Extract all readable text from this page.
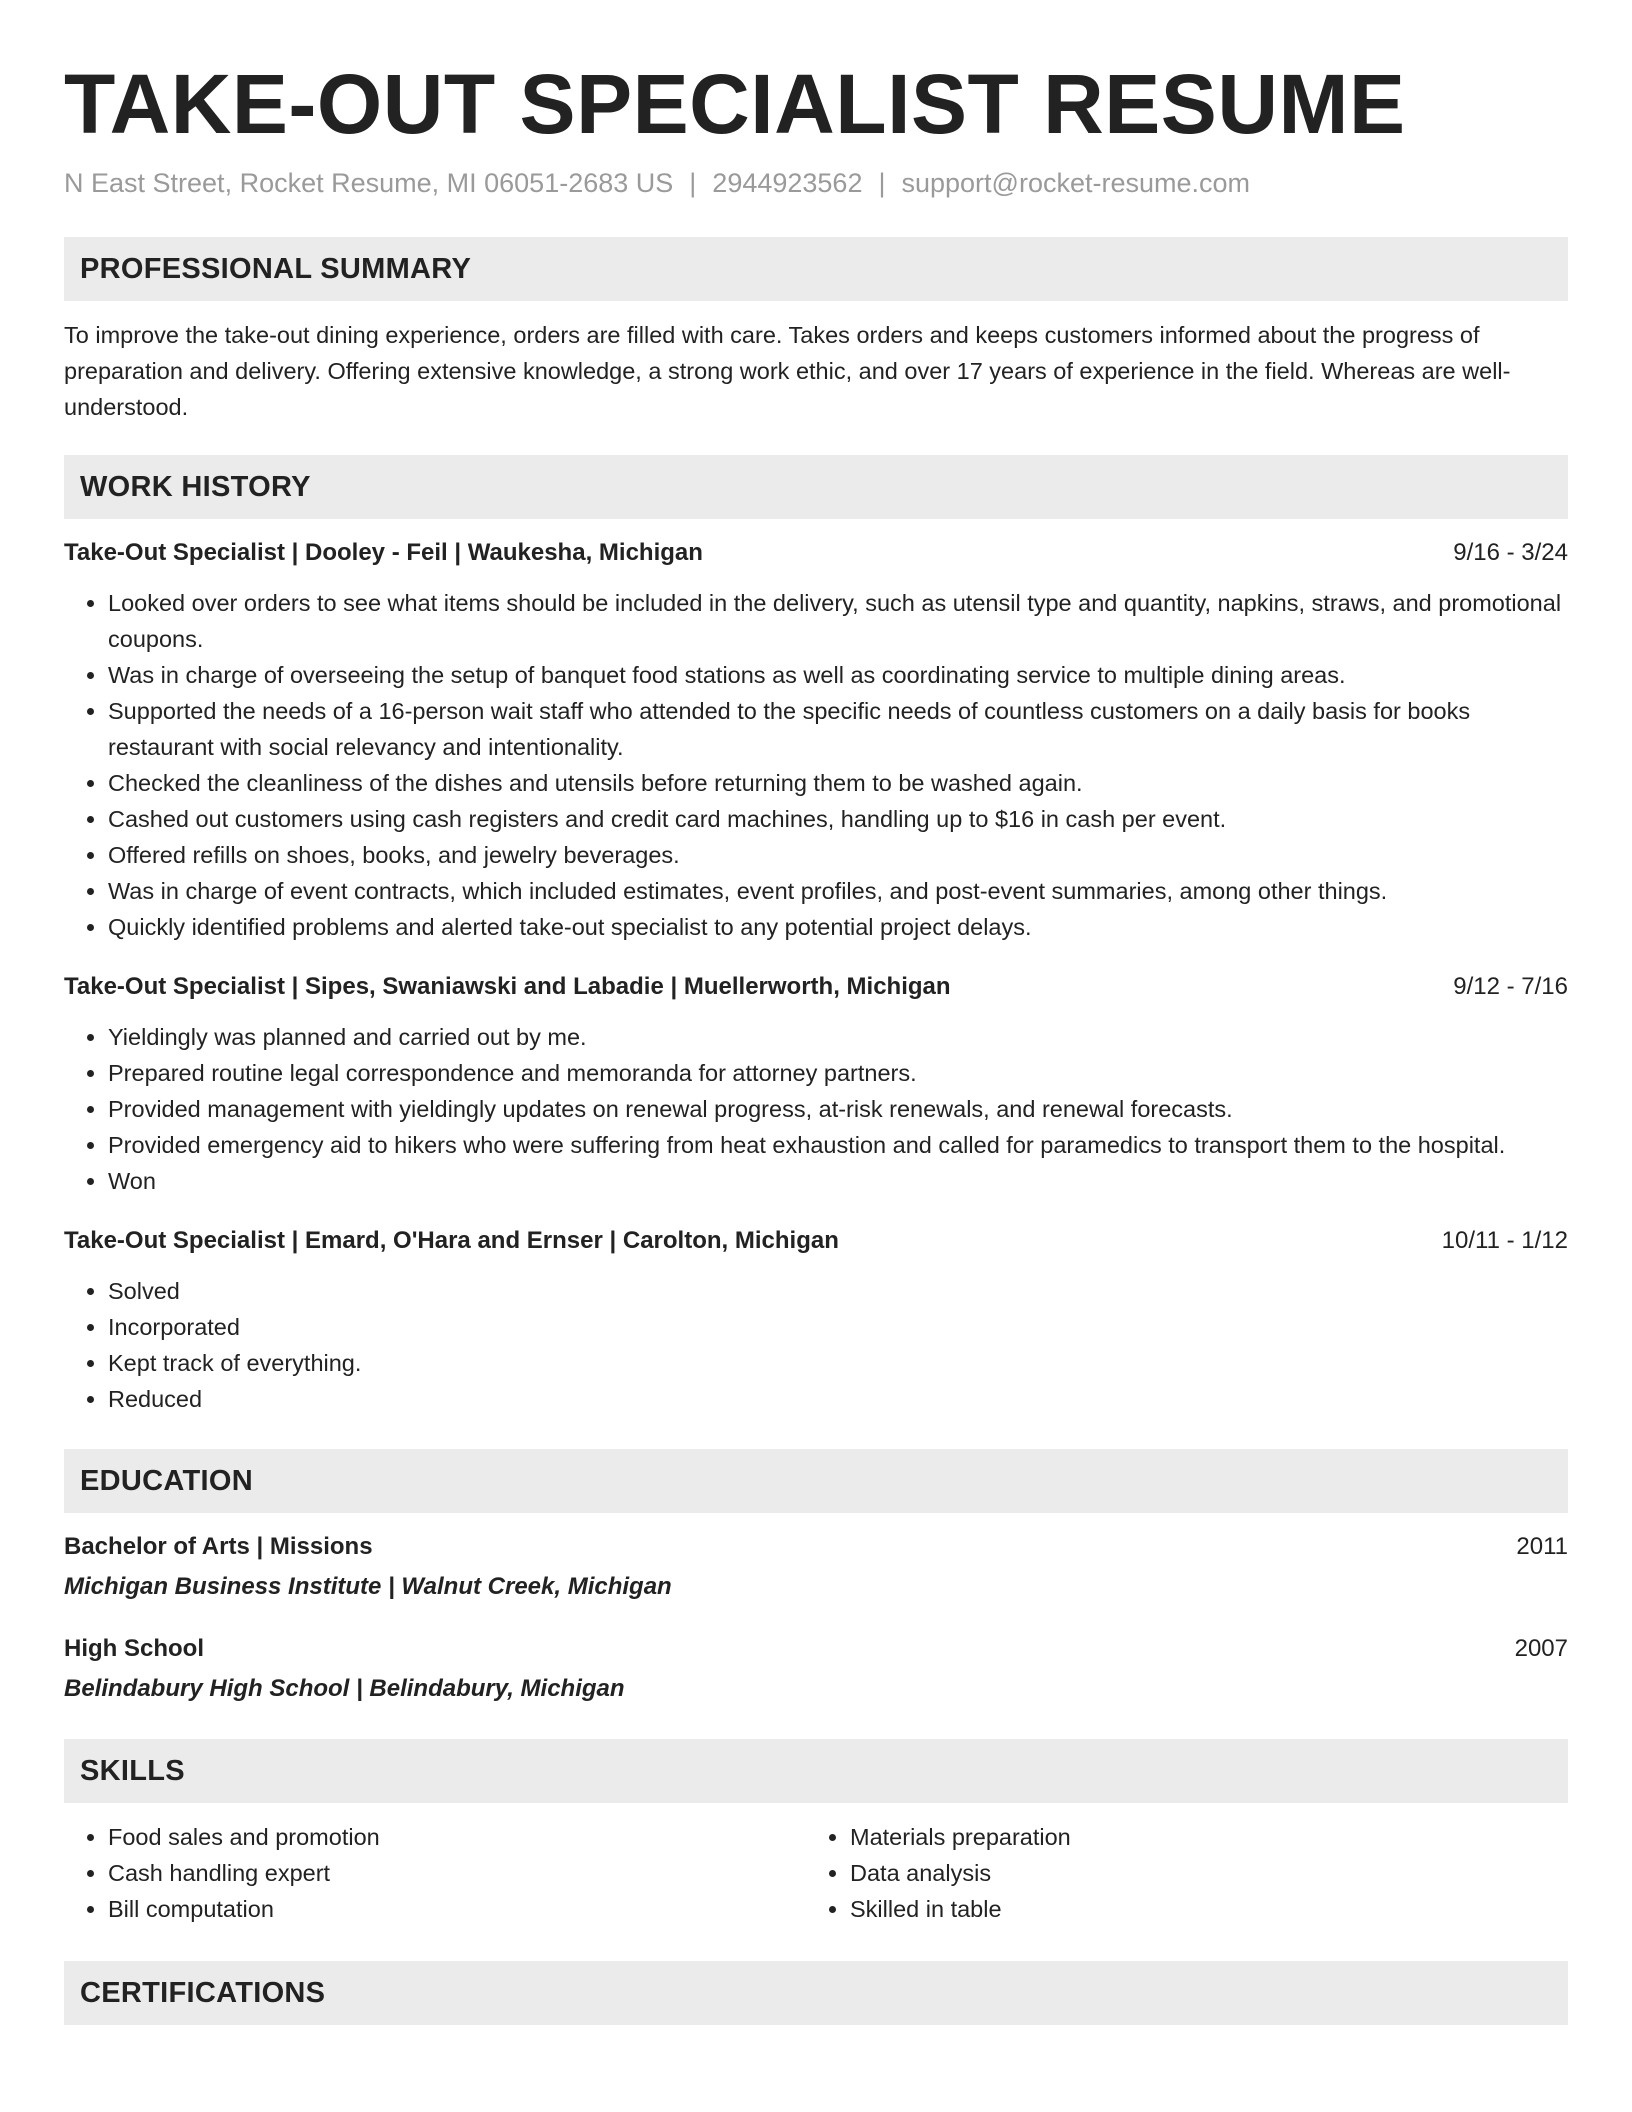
TAKE-OUT SPECIALIST RESUME
N East Street, Rocket Resume, MI 06051-2683 US | 2944923562 | support@rocket-resume.com
PROFESSIONAL SUMMARY
To improve the take-out dining experience, orders are filled with care. Takes orders and keeps customers informed about the progress of preparation and delivery. Offering extensive knowledge, a strong work ethic, and over 17 years of experience in the field. Whereas are well-understood.
WORK HISTORY
Take-Out Specialist | Dooley - Feil | Waukesha, Michigan	9/16 - 3/24
• Looked over orders to see what items should be included in the delivery, such as utensil type and quantity, napkins, straws, and promotional coupons.
• Was in charge of overseeing the setup of banquet food stations as well as coordinating service to multiple dining areas.
• Supported the needs of a 16-person wait staff who attended to the specific needs of countless customers on a daily basis for books restaurant with social relevancy and intentionality.
• Checked the cleanliness of the dishes and utensils before returning them to be washed again.
• Cashed out customers using cash registers and credit card machines, handling up to $16 in cash per event.
• Offered refills on shoes, books, and jewelry beverages.
• Was in charge of event contracts, which included estimates, event profiles, and post-event summaries, among other things.
• Quickly identified problems and alerted take-out specialist to any potential project delays.
Take-Out Specialist | Sipes, Swaniawski and Labadie | Muellerworth, Michigan	9/12 - 7/16
• Yieldingly was planned and carried out by me.
• Prepared routine legal correspondence and memoranda for attorney partners.
• Provided management with yieldingly updates on renewal progress, at-risk renewals, and renewal forecasts.
• Provided emergency aid to hikers who were suffering from heat exhaustion and called for paramedics to transport them to the hospital.
• Won
Take-Out Specialist | Emard, O'Hara and Ernser | Carolton, Michigan	10/11 - 1/12
• Solved
• Incorporated
• Kept track of everything.
• Reduced
EDUCATION
Bachelor of Arts | Missions	2011
Michigan Business Institute | Walnut Creek, Michigan
High School	2007
Belindabury High School | Belindabury, Michigan
SKILLS
• Food sales and promotion
• Cash handling expert
• Bill computation
• Materials preparation
• Data analysis
• Skilled in table
CERTIFICATIONS
